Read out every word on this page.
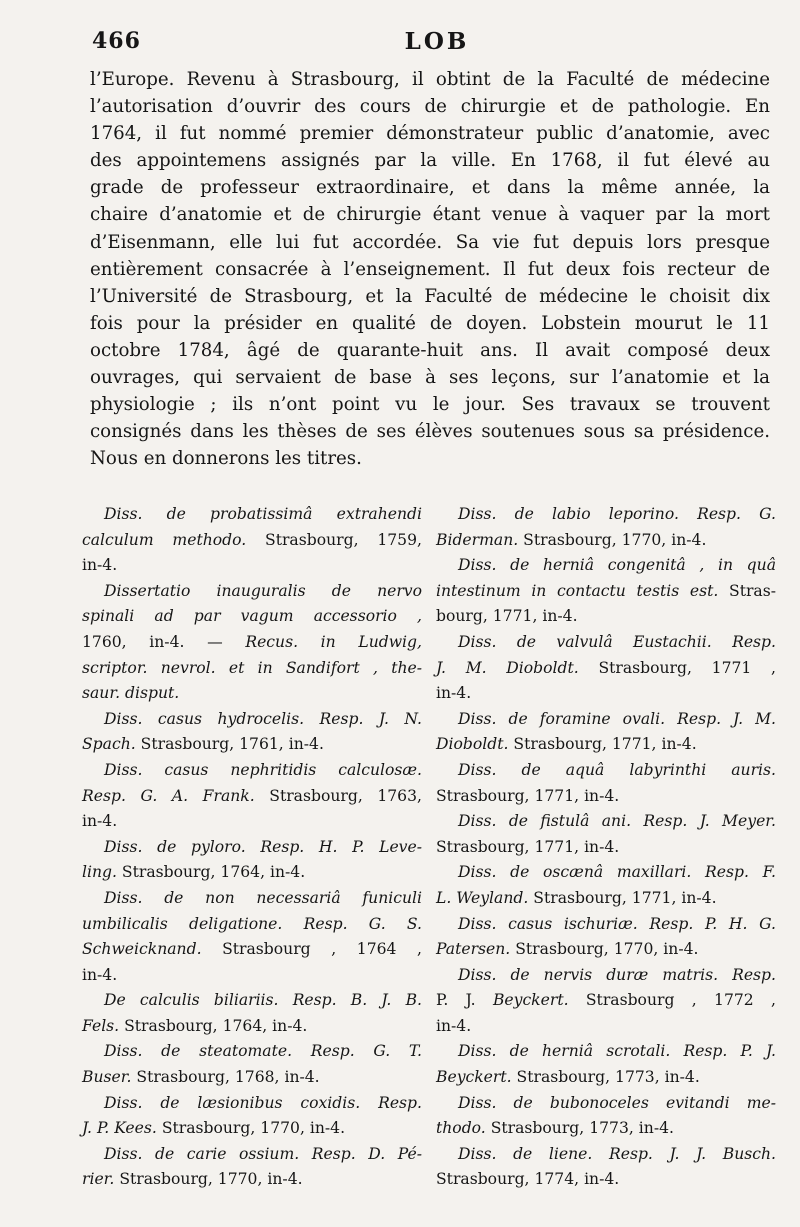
466	LOB
l’Europe. Revenu à Strasbourg, il obtint de la Faculté de médecine
l’autorisation d’ouvrir des cours de chirurgie et de pathologie. En
1764, il fut nommé premier démonstrateur public d’anatomie, avec
des appointemens assignés par la ville. En 1768, il fut élevé au
grade de professeur extraordinaire, et dans la même année, la
chaire d’anatomie et de chirurgie étant venue à vaquer par la mort
d’Eisenmann, elle lui fut accordée. Sa vie fut depuis lors presque
entièrement consacrée à l’enseignement. Il fut deux fois recteur de
l’Université de Strasbourg, et la Faculté de médecine le choisit dix
fois pour la présider en qualité de doyen. Lobstein mourut le 11
octobre 1784, âgé de quarante-huit ans. Il avait composé deux
ouvrages, qui servaient de base à ses leçons, sur l’anatomie et la
physiologie ; ils n’ont point vu le jour. Ses travaux se trouvent
consignés dans les thèses de ses élèves soutenues sous sa présidence.
Nous en donnerons les titres.
Diss. de probatissimâ extrahendi
calculum methodo. Strasbourg, 1759,
in-4.
Dissertatio inauguralis de nervo
spinali ad par vagum accessorio ,
1760, in-4. — Recus. in Ludwig,
scriptor. nevrol. et in Sandifort , the-
saur. disput.
Diss. casus hydrocelis. Resp. J. N.
Spach. Strasbourg, 1761, in-4.
Diss. casus nephritidis calculosæ.
Resp. G. A. Frank. Strasbourg, 1763,
in-4.
Diss. de pyloro. Resp. H. P. Leve-
ling. Strasbourg, 1764, in-4.
Diss. de non necessariâ funiculi
umbilicalis deligatione. Resp. G. S.
Schweicknand. Strasbourg , 1764 ,
in-4.
De calculis biliariis. Resp. B. J. B.
Fels. Strasbourg, 1764, in-4.
Diss. de steatomate. Resp. G. T.
Buser. Strasbourg, 1768, in-4.
Diss. de læsionibus coxidis. Resp.
J. P. Kees. Strasbourg, 1770, in-4.
Diss. de carie ossium. Resp. D. Pé-
rier. Strasbourg, 1770, in-4.
Diss. de labio leporino. Resp. G.
Biderman. Strasbourg, 1770, in-4.
Diss. de herniâ congenitâ , in quâ
intestinum in contactu testis est. Stras-
bourg, 1771, in-4.
Diss. de valvulâ Eustachii. Resp.
J. M. Dioboldt. Strasbourg, 1771 ,
in-4.
Diss. de foramine ovali. Resp. J. M.
Dioboldt. Strasbourg, 1771, in-4.
Diss. de aquâ labyrinthi auris.
Strasbourg, 1771, in-4.
Diss. de fistulâ ani. Resp. J. Meyer.
Strasbourg, 1771, in-4.
Diss. de oscænâ maxillari. Resp. F.
L. Weyland. Strasbourg, 1771, in-4.
Diss. casus ischuriæ. Resp. P. H. G.
Patersen. Strasbourg, 1770, in-4.
Diss. de nervis duræ matris. Resp.
P. J. Beyckert. Strasbourg , 1772 ,
in-4.
Diss. de herniâ scrotali. Resp. P. J.
Beyckert. Strasbourg, 1773, in-4.
Diss. de bubonoceles evitandi me-
thodo. Strasbourg, 1773, in-4.
Diss. de liene. Resp. J. J. Busch.
Strasbourg, 1774, in-4.
